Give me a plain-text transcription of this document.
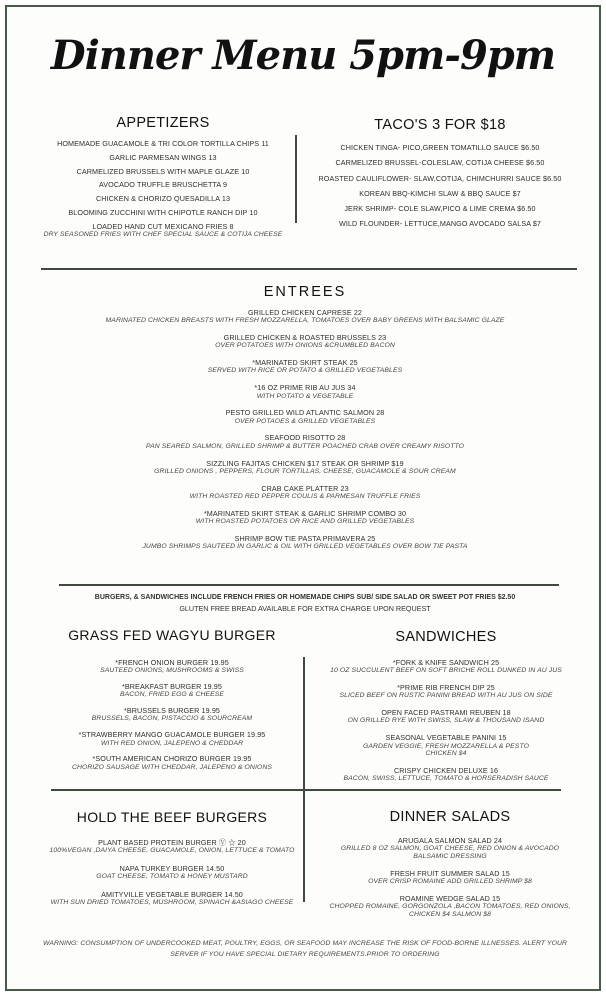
Dinner Menu 5pm-9pm
APPETIZERS
HOMEMADE GUACAMOLE & TRI COLOR TORTILLA CHIPS 11
GARLIC PARMESAN WINGS 13
CARMELIZED BRUSSELS WITH MAPLE GLAZE 10
AVOCADO TRUFFLE BRUSCHETTA 9
CHICKEN & CHORIZO QUESADILLA 13
BLOOMING ZUCCHINI WITH CHIPOTLE RANCH DIP 10
LOADED HAND CUT MEXICANO FRIES 8
DRY SEASONED FRIES WITH CHEF SPECIAL SAUCE & COTIJA CHEESE
TACO'S 3 FOR $18
CHICKEN TINGA- PICO,GREEN TOMATILLO SAUCE $6.50
CARMELIZED BRUSSEL-COLESLAW, COTIJA CHEESE $6.50
ROASTED CAULIFLOWER- SLAW,COTIJA, CHIMCHURRI SAUCE $6.50
KOREAN BBQ-KIMCHI SLAW & BBQ SAUCE $7
JERK SHRIMP- COLE SLAW,PICO & LIME CREMA $6.50
WILD FLOUNDER- LETTUCE,MANGO AVOCADO SALSA $7
ENTREES
GRILLED CHICKEN CAPRESE 22
MARINATED CHICKEN BREASTS WITH FRESH MOZZARELLA, TOMATOES OVER BABY GREENS WITH BALSAMIC GLAZE
GRILLED CHICKEN & ROASTED BRUSSELS 23
OVER POTATOES WITH ONIONS &CRUMBLED BACON
*MARINATED SKIRT STEAK 25
SERVED WITH RICE OR POTATO & GRILLED VEGETABLES
*16 OZ PRIME RIB AU JUS 34
WITH POTATO & VEGETABLE
PESTO GRILLED WILD ATLANTIC SALMON 28
OVER POTAOES & GRILLED VEGETABLES
SEAFOOD RISOTTO 28
PAN SEARED SALMON, GRILLED SHRIMP & BUTTER POACHED CRAB OVER CREAMY RISOTTO
SIZZLING FAJITAS CHICKEN $17 STEAK OR SHRIMP $19
GRILLED ONIONS , PEPPERS, FLOUR TORTILLAS, CHEESE, GUACAMOLE & SOUR CREAM
CRAB CAKE PLATTER 23
WITH ROASTED RED PEPPER COULIS & PARMESAN TRUFFLE FRIES
*MARINATED SKIRT STEAK & GARLIC SHRIMP COMBO 30
WITH ROASTED POTATOES OR RICE AND GRILLED VEGETABLES
SHRIMP BOW TIE PASTA PRIMAVERA 25
JUMBO SHRIMPS SAUTEED IN GARLIC & OIL WITH GRILLED VEGETABLES OVER BOW TIE PASTA
BURGERS, & SANDWICHES INCLUDE FRENCH FRIES OR HOMEMADE CHIPS SUB/ SIDE SALAD OR SWEET POT FRIES $2.50
GLUTEN FREE BREAD AVAILABLE FOR EXTRA CHARGE UPON REQUEST
GRASS FED WAGYU BURGER
*FRENCH ONION BURGER 19.95
SAUTEED ONIONS, MUSHROOMS & SWISS
*BREAKFAST BURGER 19.95
BACON, FRIED EGG & CHEESE
*BRUSSELS BURGER 19.95
BRUSSELS, BACON, PISTACCIO & SOURCREAM
*STRAWBERRY MANGO GUACAMOLE BURGER 19.95
WITH RED ONION, JALEPENO & CHEDDAR
*SOUTH AMERICAN CHORIZO BURGER 19.95
CHORIZO SAUSAGE WITH CHEDDAR, JALEPENO & ONIONS
SANDWICHES
*FORK & KNIFE SANDWICH 25
10 OZ SUCCULENT BEEF ON SOFT BRICHE ROLL DUNKED IN AU JUS
*PRIME RIB FRENCH DIP 25
SLICED BEEF ON RUSTIC PANINI BREAD WITH AU JUS ON SIDE
OPEN FACED PASTRAMI REUBEN 18
ON GRILLED RYE WITH SWISS, SLAW & THOUSAND ISAND
SEASONAL VEGETABLE PANINI 15
GARDEN VEGGIE, FRESH MOZZARELLA & PESTO
CHICKEN $4
CRISPY CHICKEN DELUXE 16
BACON, SWISS, LETTUCE, TOMATO & HORSERADISH SAUCE
HOLD THE BEEF BURGERS
PLANT BASED PROTEIN BURGER Ⓥ ☆ 20
100%VEGAN ,DAIYA CHEESE, GUACAMOLE, ONION, LETTUCE & TOMATO
NAPA TURKEY BURGER 14.50
GOAT CHEESE, TOMATO & HONEY MUSTARD
AMITYVILLE VEGETABLE BURGER 14.50
WITH SUN DRIED TOMATOES, MUSHROOM, SPINACH &ASIAGO CHEESE
DINNER SALADS
ARUGALA SALMON SALAD 24
GRILLED 8 OZ SALMON, GOAT CHEESE, RED ONION & AVOCADO BALSAMIC DRESSING
FRESH FRUIT SUMMER SALAD 15
OVER CRISP ROMAINE ADD GRILLED SHRIMP $8
ROAMINE WEDGE SALAD 15
CHOPPED ROMAINE, GORGONZOLA ,BACON TOMATOES, RED ONIONS,
CHICKEN $4 SALMON $8
WARNING: CONSUMPTION OF UNDERCOOKED MEAT, POULTRY, EGGS, OR SEAFOOD MAY INCREASE THE RISK OF FOOD-BORNE ILLNESSES. ALERT YOUR
SERVER IF YOU HAVE SPECIAL DIETARY REQUIREMENTS.PRIOR TO ORDERING
